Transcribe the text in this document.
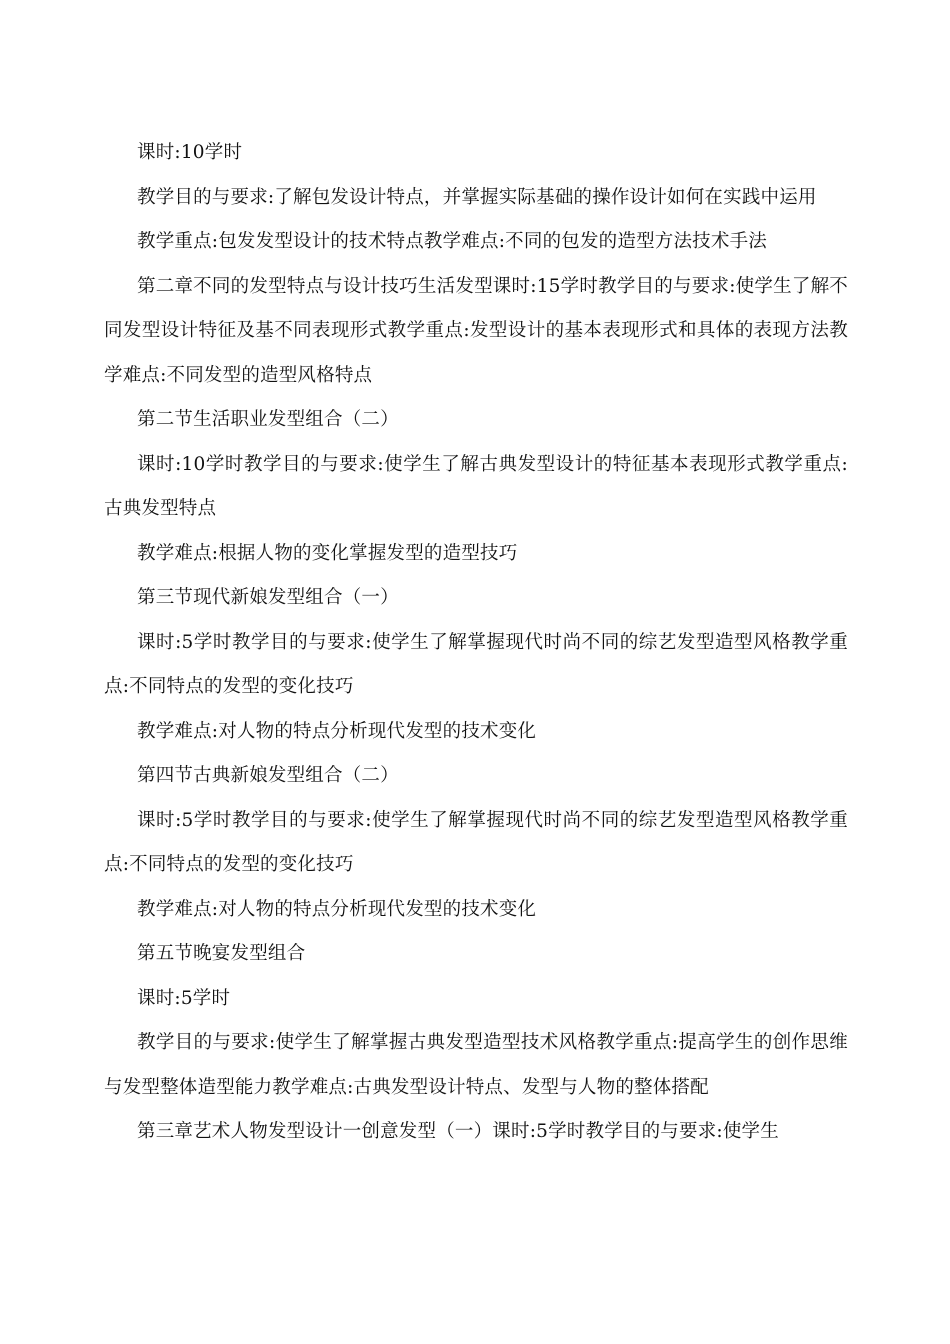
课时:10学时

教学目的与要求:了解包发设计特点，并掌握实际基础的操作设计如何在实践中运用

教学重点:包发发型设计的技术特点教学难点:不同的包发的造型方法技术手法

第二章不同的发型特点与设计技巧生活发型课时:15学时教学目的与要求:使学生了解不同发型设计特征及基不同表现形式教学重点:发型设计的基本表现形式和具体的表现方法教学难点:不同发型的造型风格特点

第二节生活职业发型组合（二）

课时:10学时教学目的与要求:使学生了解古典发型设计的特征基本表现形式教学重点:古典发型特点

教学难点:根据人物的变化掌握发型的造型技巧

第三节现代新娘发型组合（一）

课时:5学时教学目的与要求:使学生了解掌握现代时尚不同的综艺发型造型风格教学重点:不同特点的发型的变化技巧

教学难点:对人物的特点分析现代发型的技术变化

第四节古典新娘发型组合（二）

课时:5学时教学目的与要求:使学生了解掌握现代时尚不同的综艺发型造型风格教学重点:不同特点的发型的变化技巧

教学难点:对人物的特点分析现代发型的技术变化

第五节晚宴发型组合

课时:5学时

教学目的与要求:使学生了解掌握古典发型造型技术风格教学重点:提高学生的创作思维与发型整体造型能力教学难点:古典发型设计特点、发型与人物的整体搭配

第三章艺术人物发型设计一创意发型（一）课时:5学时教学目的与要求:使学生
